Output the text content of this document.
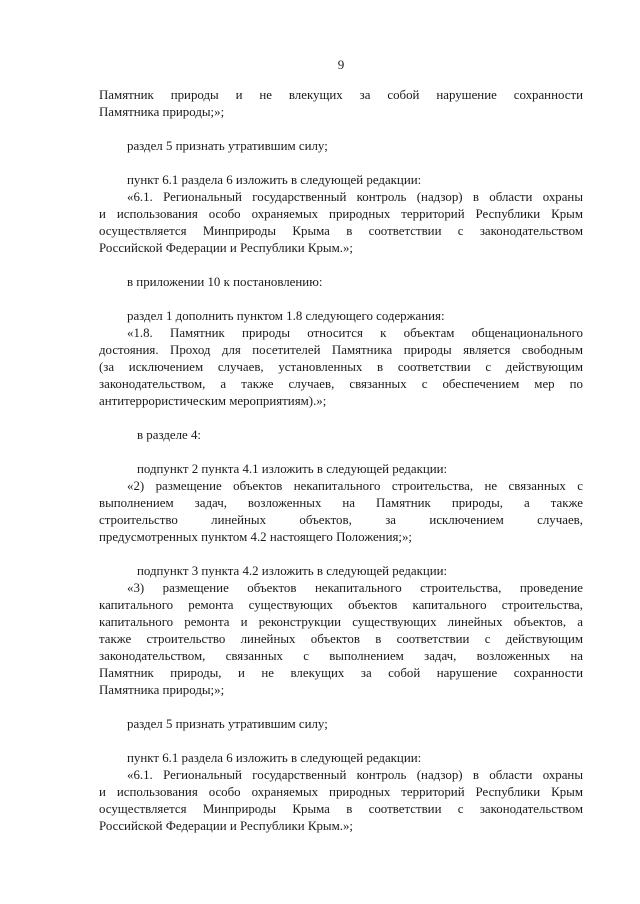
9
Памятник природы и не влекущих за собой нарушение сохранности
Памятника природы;»;
раздел 5 признать утратившим силу;
пункт 6.1 раздела 6 изложить в следующей редакции:
«6.1. Региональный государственный контроль (надзор) в области охраны
и использования особо охраняемых природных территорий Республики Крым
осуществляется Минприроды Крыма в соответствии с законодательством
Российской Федерации и Республики Крым.»;
в приложении 10 к постановлению:
раздел 1 дополнить пунктом 1.8 следующего содержания:
«1.8. Памятник природы относится к объектам общенационального
достояния. Проход для посетителей Памятника природы является свободным
(за исключением случаев, установленных в соответствии с действующим
законодательством, а также случаев, связанных с обеспечением мер по
антитеррористическим мероприятиям).»;
в разделе 4:
подпункт 2 пункта 4.1 изложить в следующей редакции:
«2) размещение объектов некапитального строительства, не связанных с
выполнением задач, возложенных на Памятник природы, а также
строительство линейных объектов, за исключением случаев,
предусмотренных пунктом 4.2 настоящего Положения;»;
подпункт 3 пункта 4.2 изложить в следующей редакции:
«3) размещение объектов некапитального строительства, проведение
капитального ремонта существующих объектов капитального строительства,
капитального ремонта и реконструкции существующих линейных объектов, а
также строительство линейных объектов в соответствии с действующим
законодательством, связанных с выполнением задач, возложенных на
Памятник природы, и не влекущих за собой нарушение сохранности
Памятника природы;»;
раздел 5 признать утратившим силу;
пункт 6.1 раздела 6 изложить в следующей редакции:
«6.1. Региональный государственный контроль (надзор) в области охраны
и использования особо охраняемых природных территорий Республики Крым
осуществляется Минприроды Крыма в соответствии с законодательством
Российской Федерации и Республики Крым.»;
